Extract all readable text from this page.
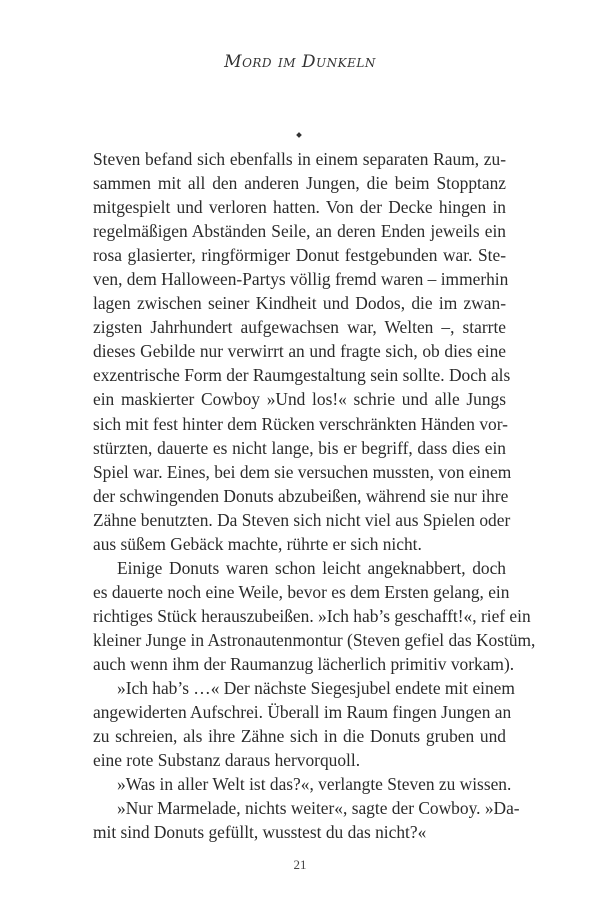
Mord im Dunkeln

Steven befand sich ebenfalls in einem separaten Raum, zu-
sammen mit all den anderen Jungen, die beim Stopptanz
mitgespielt und verloren hatten. Von der Decke hingen in
regelmäßigen Abständen Seile, an deren Enden jeweils ein
rosa glasierter, ringförmiger Donut festgebunden war. Ste-
ven, dem Halloween-Partys völlig fremd waren – immerhin
lagen zwischen seiner Kindheit und Dodos, die im zwan-
zigsten Jahrhundert aufgewachsen war, Welten –, starrte
dieses Gebilde nur verwirrt an und fragte sich, ob dies eine
exzentrische Form der Raumgestaltung sein sollte. Doch als
ein maskierter Cowboy »Und los!« schrie und alle Jungs
sich mit fest hinter dem Rücken verschränkten Händen vor-
stürzten, dauerte es nicht lange, bis er begriff, dass dies ein
Spiel war. Eines, bei dem sie versuchen mussten, von einem
der schwingenden Donuts abzubeißen, während sie nur ihre
Zähne benutzten. Da Steven sich nicht viel aus Spielen oder
aus süßem Gebäck machte, rührte er sich nicht.

Einige Donuts waren schon leicht angeknabbert, doch
es dauerte noch eine Weile, bevor es dem Ersten gelang, ein
richtiges Stück herauszubeißen. »Ich hab’s geschafft!«, rief ein
kleiner Junge in Astronautenmontur (Steven gefiel das Kostüm,
auch wenn ihm der Raumanzug lächerlich primitiv vorkam).

»Ich hab’s …« Der nächste Siegesjubel endete mit einem
angewiderten Aufschrei. Überall im Raum fingen Jungen an
zu schreien, als ihre Zähne sich in die Donuts gruben und
eine rote Substanz daraus hervorquoll.

»Was in aller Welt ist das?«, verlangte Steven zu wissen.

»Nur Marmelade, nichts weiter«, sagte der Cowboy. »Da-
mit sind Donuts gefüllt, wusstest du das nicht?«

21
